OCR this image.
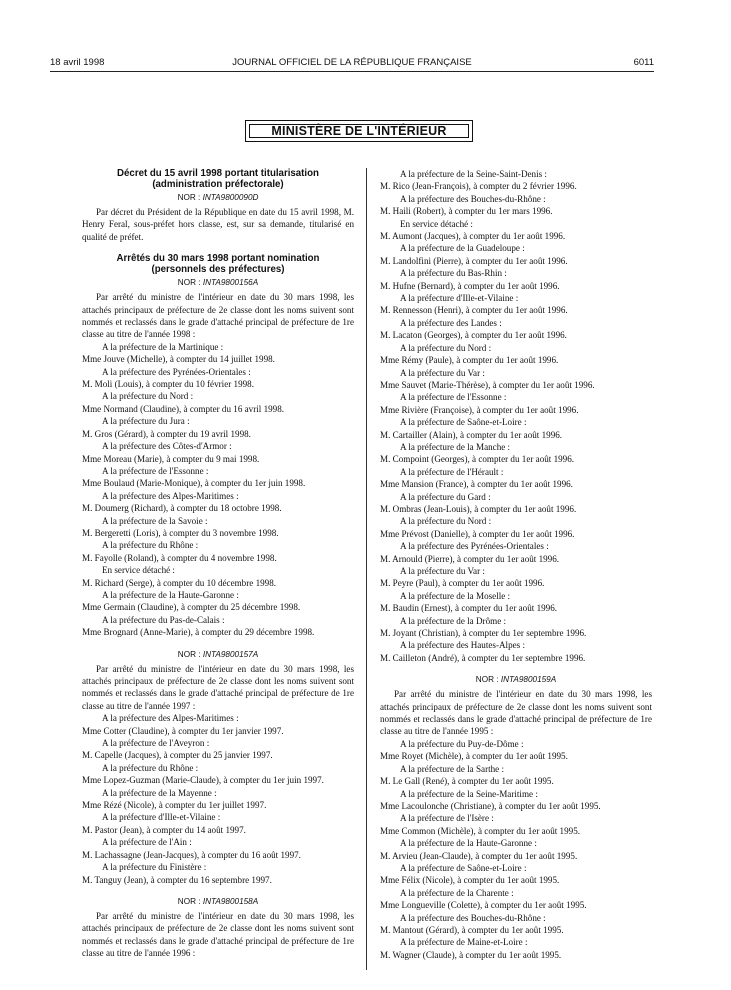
18 avril 1998	JOURNAL OFFICIEL DE LA RÉPUBLIQUE FRANÇAISE	6011
MINISTÈRE DE L'INTÉRIEUR
Décret du 15 avril 1998 portant titularisation
(administration préfectorale)
NOR : INTA9800090D
Par décret du Président de la République en date du 15 avril 1998, M. Henry Feral, sous-préfet hors classe, est, sur sa demande, titularisé en qualité de préfet.
Arrêtés du 30 mars 1998 portant nomination
(personnels des préfectures)
NOR : INTA9800156A
Par arrêté du ministre de l'intérieur en date du 30 mars 1998, les attachés principaux de préfecture de 2e classe dont les noms suivent sont nommés et reclassés dans le grade d'attaché principal de préfecture de 1re classe au titre de l'année 1998 :
A la préfecture de la Martinique :
Mme Jouve (Michelle), à compter du 14 juillet 1998.
A la préfecture des Pyrénées-Orientales :
M. Moli (Louis), à compter du 10 février 1998.
A la préfecture du Nord :
Mme Normand (Claudine), à compter du 16 avril 1998.
A la préfecture du Jura :
M. Gros (Gérard), à compter du 19 avril 1998.
A la préfecture des Côtes-d'Armor :
Mme Moreau (Marie), à compter du 9 mai 1998.
A la préfecture de l'Essonne :
Mme Boulaud (Marie-Monique), à compter du 1er juin 1998.
A la préfecture des Alpes-Maritimes :
M. Doumerg (Richard), à compter du 18 octobre 1998.
A la préfecture de la Savoie :
M. Bergeretti (Loris), à compter du 3 novembre 1998.
A la préfecture du Rhône :
M. Fayolle (Roland), à compter du 4 novembre 1998.
En service détaché :
M. Richard (Serge), à compter du 10 décembre 1998.
A la préfecture de la Haute-Garonne :
Mme Germain (Claudine), à compter du 25 décembre 1998.
A la préfecture du Pas-de-Calais :
Mme Brognard (Anne-Marie), à compter du 29 décembre 1998.
NOR : INTA9800157A
Par arrêté du ministre de l'intérieur en date du 30 mars 1998, les attachés principaux de préfecture de 2e classe dont les noms suivent sont nommés et reclassés dans le grade d'attaché principal de préfecture de 1re classe au titre de l'année 1997 :
A la préfecture des Alpes-Maritimes :
Mme Cotter (Claudine), à compter du 1er janvier 1997.
A la préfecture de l'Aveyron :
M. Capelle (Jacques), à compter du 25 janvier 1997.
A la préfecture du Rhône :
Mme Lopez-Guzman (Marie-Claude), à compter du 1er juin 1997.
A la préfecture de la Mayenne :
Mme Rézé (Nicole), à compter du 1er juillet 1997.
A la préfecture d'Ille-et-Vilaine :
M. Pastor (Jean), à compter du 14 août 1997.
A la préfecture de l'Ain :
M. Lachassagne (Jean-Jacques), à compter du 16 août 1997.
A la préfecture du Finistère :
M. Tanguy (Jean), à compter du 16 septembre 1997.
NOR : INTA9800158A
Par arrêté du ministre de l'intérieur en date du 30 mars 1998, les attachés principaux de préfecture de 2e classe dont les noms suivent sont nommés et reclassés dans le grade d'attaché principal de préfecture de 1re classe au titre de l'année 1996 :
A la préfecture de la Seine-Saint-Denis :
M. Rico (Jean-François), à compter du 2 février 1996.
A la préfecture des Bouches-du-Rhône :
M. Haili (Robert), à compter du 1er mars 1996.
En service détaché :
M. Aumont (Jacques), à compter du 1er août 1996.
A la préfecture de la Guadeloupe :
M. Landolfini (Pierre), à compter du 1er août 1996.
A la préfecture du Bas-Rhin :
M. Hufne (Bernard), à compter du 1er août 1996.
A la préfecture d'Ille-et-Vilaine :
M. Rennesson (Henri), à compter du 1er août 1996.
A la préfecture des Landes :
M. Lacaton (Georges), à compter du 1er août 1996.
A la préfecture du Nord :
Mme Rémy (Paule), à compter du 1er août 1996.
A la préfecture du Var :
Mme Sauvet (Marie-Thérèse), à compter du 1er août 1996.
A la préfecture de l'Essonne :
Mme Rivière (Françoise), à compter du 1er août 1996.
A la préfecture de Saône-et-Loire :
M. Cartailler (Alain), à compter du 1er août 1996.
A la préfecture de la Manche :
M. Compoint (Georges), à compter du 1er août 1996.
A la préfecture de l'Hérault :
Mme Mansion (France), à compter du 1er août 1996.
A la préfecture du Gard :
M. Ombras (Jean-Louis), à compter du 1er août 1996.
A la préfecture du Nord :
Mme Prévost (Danielle), à compter du 1er août 1996.
A la préfecture des Pyrénées-Orientales :
M. Arnould (Pierre), à compter du 1er août 1996.
A la préfecture du Var :
M. Peyre (Paul), à compter du 1er août 1996.
A la préfecture de la Moselle :
M. Baudin (Ernest), à compter du 1er août 1996.
A la préfecture de la Drôme :
M. Joyant (Christian), à compter du 1er septembre 1996.
A la préfecture des Hautes-Alpes :
M. Cailleton (André), à compter du 1er septembre 1996.
NOR : INTA9800159A
Par arrêté du ministre de l'intérieur en date du 30 mars 1998, les attachés principaux de préfecture de 2e classe dont les noms suivent sont nommés et reclassés dans le grade d'attaché principal de préfecture de 1re classe au titre de l'année 1995 :
A la préfecture du Puy-de-Dôme :
Mme Royet (Michèle), à compter du 1er août 1995.
A la préfecture de la Sarthe :
M. Le Gall (René), à compter du 1er août 1995.
A la préfecture de la Seine-Maritime :
Mme Lacoulonche (Christiane), à compter du 1er août 1995.
A la préfecture de l'Isère :
Mme Common (Michèle), à compter du 1er août 1995.
A la préfecture de la Haute-Garonne :
M. Arvieu (Jean-Claude), à compter du 1er août 1995.
A la préfecture de Saône-et-Loire :
Mme Félix (Nicole), à compter du 1er août 1995.
A la préfecture de la Charente :
Mme Longueville (Colette), à compter du 1er août 1995.
A la préfecture des Bouches-du-Rhône :
M. Mantout (Gérard), à compter du 1er août 1995.
A la préfecture de Maine-et-Loire :
M. Wagner (Claude), à compter du 1er août 1995.
